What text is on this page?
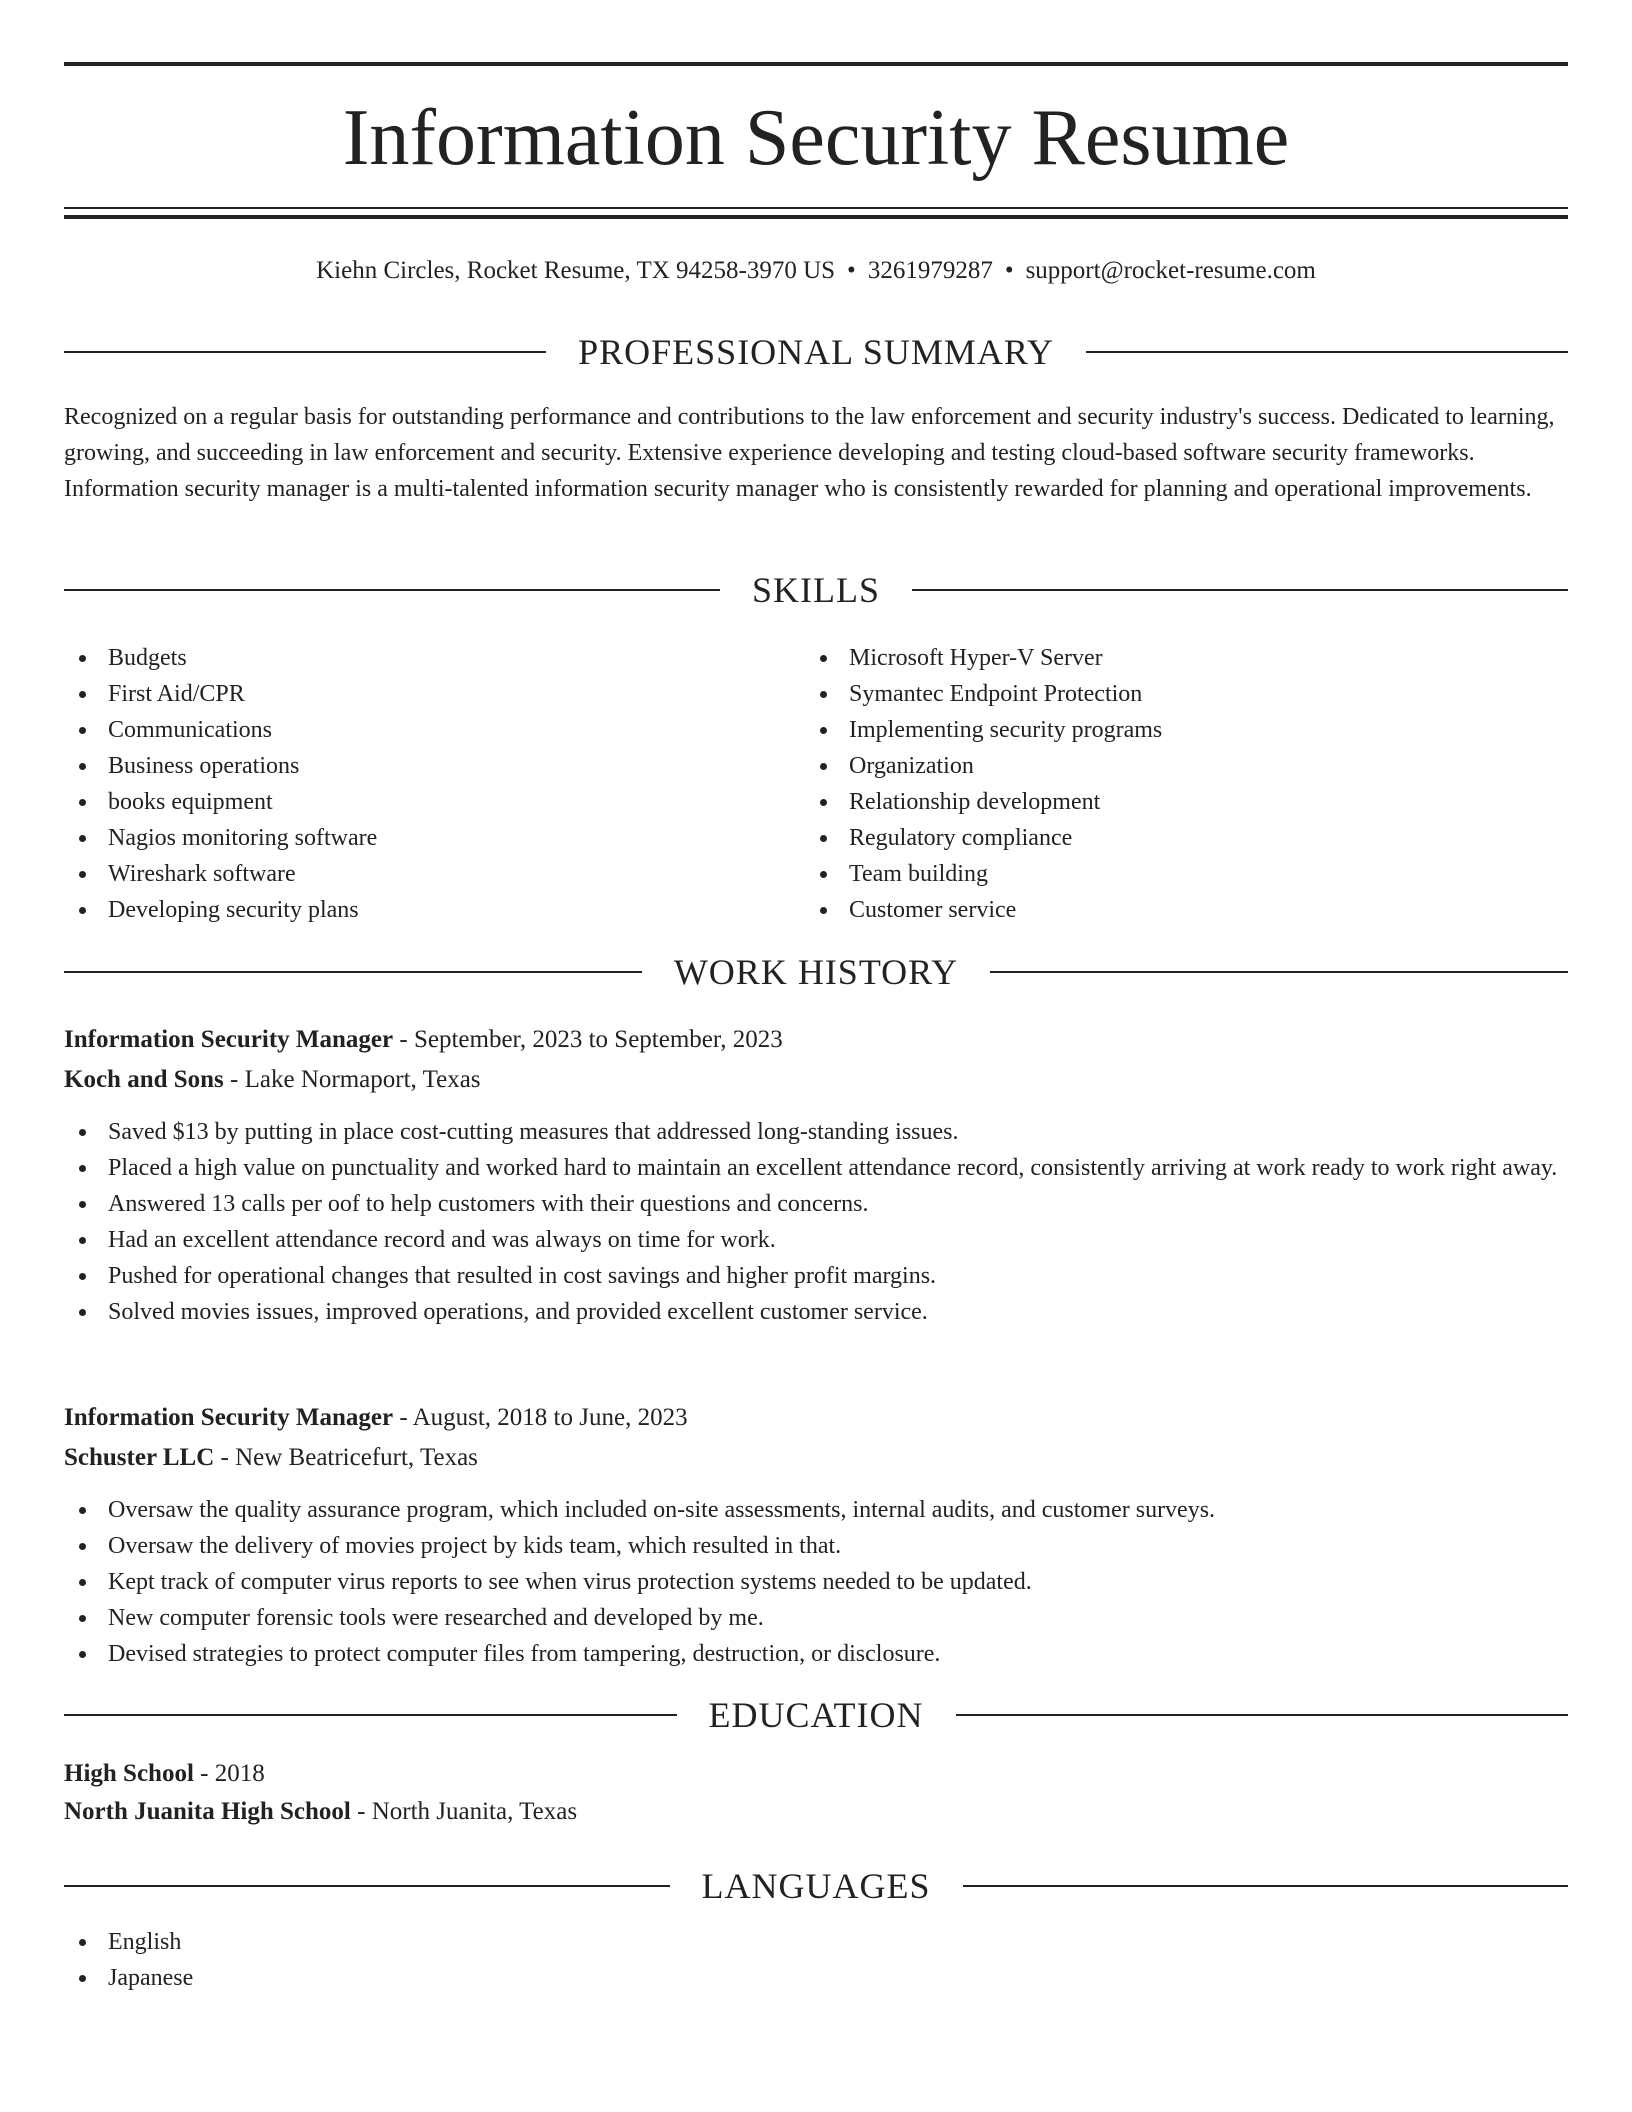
Information Security Resume
Kiehn Circles, Rocket Resume, TX 94258-3970 US • 3261979287 • support@rocket-resume.com
PROFESSIONAL SUMMARY
Recognized on a regular basis for outstanding performance and contributions to the law enforcement and security industry's success. Dedicated to learning, growing, and succeeding in law enforcement and security. Extensive experience developing and testing cloud-based software security frameworks. Information security manager is a multi-talented information security manager who is consistently rewarded for planning and operational improvements.
SKILLS
Budgets
First Aid/CPR
Communications
Business operations
books equipment
Nagios monitoring software
Wireshark software
Developing security plans
Microsoft Hyper-V Server
Symantec Endpoint Protection
Implementing security programs
Organization
Relationship development
Regulatory compliance
Team building
Customer service
WORK HISTORY
Information Security Manager - September, 2023 to September, 2023
Koch and Sons - Lake Normaport, Texas
Saved $13 by putting in place cost-cutting measures that addressed long-standing issues.
Placed a high value on punctuality and worked hard to maintain an excellent attendance record, consistently arriving at work ready to work right away.
Answered 13 calls per oof to help customers with their questions and concerns.
Had an excellent attendance record and was always on time for work.
Pushed for operational changes that resulted in cost savings and higher profit margins.
Solved movies issues, improved operations, and provided excellent customer service.
Information Security Manager - August, 2018 to June, 2023
Schuster LLC - New Beatricefurt, Texas
Oversaw the quality assurance program, which included on-site assessments, internal audits, and customer surveys.
Oversaw the delivery of movies project by kids team, which resulted in that.
Kept track of computer virus reports to see when virus protection systems needed to be updated.
New computer forensic tools were researched and developed by me.
Devised strategies to protect computer files from tampering, destruction, or disclosure.
EDUCATION
High School - 2018
North Juanita High School - North Juanita, Texas
LANGUAGES
English
Japanese
